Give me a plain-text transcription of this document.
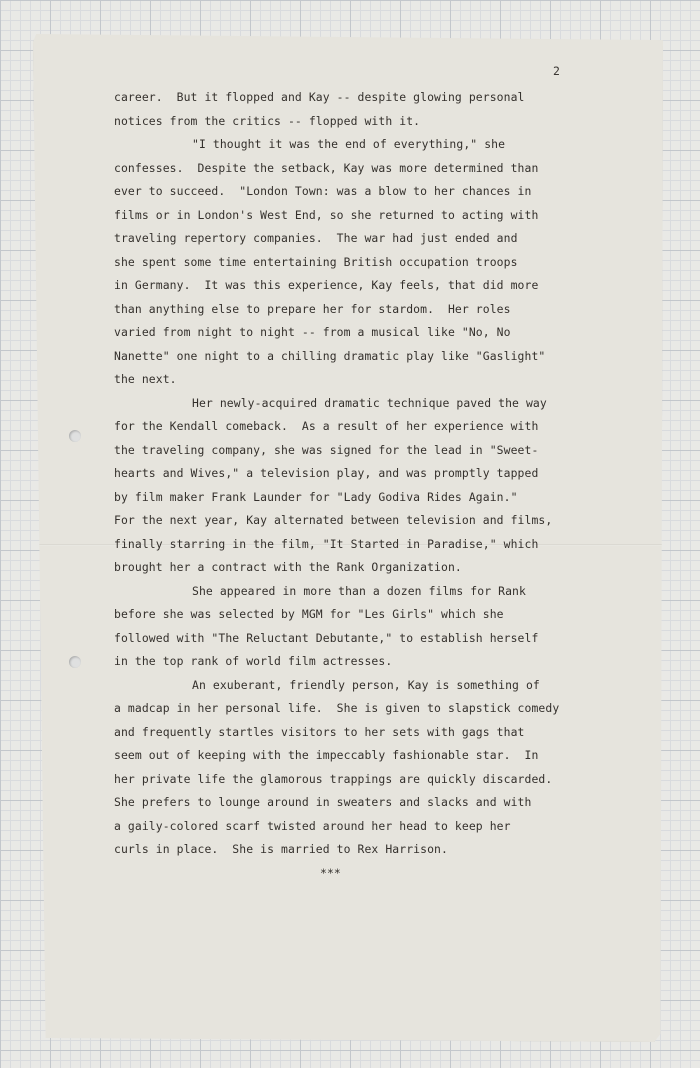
2
career.  But it flopped and Kay -- despite glowing personal
notices from the critics -- flopped with it.
"I thought it was the end of everything," she
confesses.  Despite the setback, Kay was more determined than
ever to succeed.  "London Town: was a blow to her chances in
films or in London's West End, so she returned to acting with
traveling repertory companies.  The war had just ended and
she spent some time entertaining British occupation troops
in Germany.  It was this experience, Kay feels, that did more
than anything else to prepare her for stardom.  Her roles
varied from night to night -- from a musical like "No, No
Nanette" one night to a chilling dramatic play like "Gaslight"
the next.
Her newly-acquired dramatic technique paved the way
for the Kendall comeback.  As a result of her experience with
the traveling company, she was signed for the lead in "Sweet-
hearts and Wives," a television play, and was promptly tapped
by film maker Frank Launder for "Lady Godiva Rides Again."
For the next year, Kay alternated between television and films,
finally starring in the film, "It Started in Paradise," which
brought her a contract with the Rank Organization.
She appeared in more than a dozen films for Rank
before she was selected by MGM for "Les Girls" which she
followed with "The Reluctant Debutante," to establish herself
in the top rank of world film actresses.
An exuberant, friendly person, Kay is something of
a madcap in her personal life.  She is given to slapstick comedy
and frequently startles visitors to her sets with gags that
seem out of keeping with the impeccably fashionable star.  In
her private life the glamorous trappings are quickly discarded.
She prefers to lounge around in sweaters and slacks and with
a gaily-colored scarf twisted around her head to keep her
curls in place.  She is married to Rex Harrison.
***
